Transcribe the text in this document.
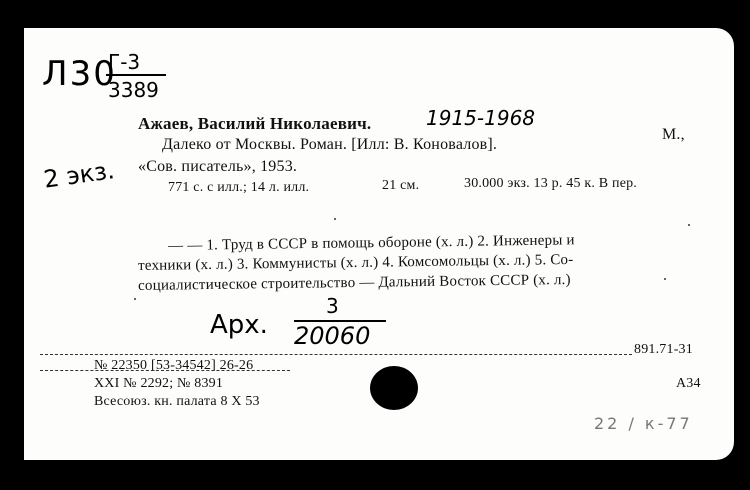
Л30
Г-3
3389
2 экз.
Ажаев, Василий Николаевич.	1915-1968
Далеко от Москвы. Роман. [Илл: В. Коновалов].
М.,
«Сов. писатель», 1953.
771 с. с илл.; 14 л. илл.	21 см.	30.000 экз. 13 р. 45 к. В пер.
— — 1. Труд в СССР в помощь обороне (х. л.) 2. Инженеры и
техники (х. л.) 3. Коммунисты (х. л.) 4. Комсомольцы (х. л.) 5. Со-
социалистическое строительство — Дальний Восток СССР (х. л.)
Арх.
3
20060	891.71-31
№ 22350 [53-34542] 26-26
XXI № 2292; № 8391
Всесоюз. кн. палата 8 X 53
А34
22 / к-77
